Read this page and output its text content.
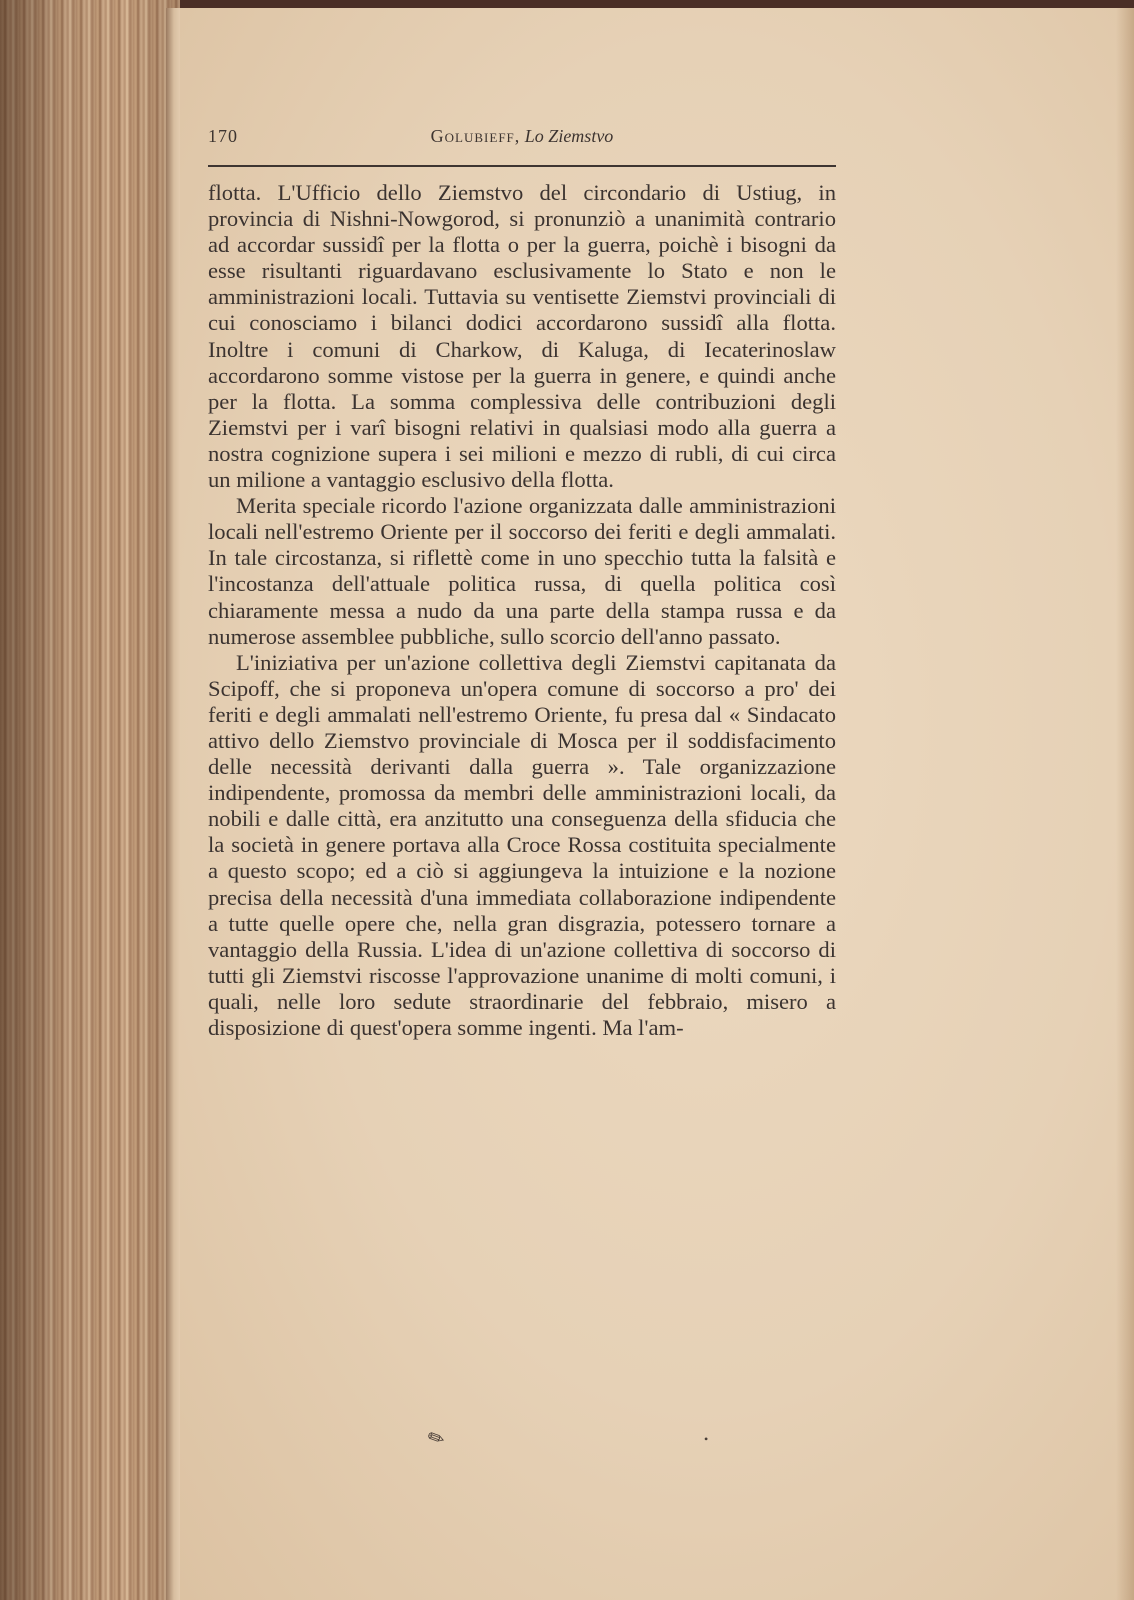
170	Golubieff, Lo Ziemstvo

flotta. L'Ufficio dello Ziemstvo del circondario di Ustiug, in provincia di Nishni-Nowgorod, si pronunziò a unanimità contrario ad accordar sussidî per la flotta o per la guerra, poichè i bisogni da esse risultanti riguardavano esclusivamente lo Stato e non le amministrazioni locali. Tuttavia su ventisette Ziemstvi provinciali di cui conosciamo i bilanci dodici accordarono sussidî alla flotta. Inoltre i comuni di Charkow, di Kaluga, di Iecaterinoslaw accordarono somme vistose per la guerra in genere, e quindi anche per la flotta. La somma complessiva delle contribuzioni degli Ziemstvi per i varî bisogni relativi in qualsiasi modo alla guerra a nostra cognizione supera i sei milioni e mezzo di rubli, di cui circa un milione a vantaggio esclusivo della flotta.

Merita speciale ricordo l'azione organizzata dalle amministrazioni locali nell'estremo Oriente per il soccorso dei feriti e degli ammalati. In tale circostanza, si riflettè come in uno specchio tutta la falsità e l'incostanza dell'attuale politica russa, di quella politica così chiaramente messa a nudo da una parte della stampa russa e da numerose assemblee pubbliche, sullo scorcio dell'anno passato.

L'iniziativa per un'azione collettiva degli Ziemstvi capitanata da Scipoff, che si proponeva un'opera comune di soccorso a pro' dei feriti e degli ammalati nell'estremo Oriente, fu presa dal « Sindacato attivo dello Ziemstvo provinciale di Mosca per il soddisfacimento delle necessità derivanti dalla guerra ». Tale organizzazione indipendente, promossa da membri delle amministrazioni locali, da nobili e dalle città, era anzitutto una conseguenza della sfiducia che la società in genere portava alla Croce Rossa costituita specialmente a questo scopo; ed a ciò si aggiungeva la intuizione e la nozione precisa della necessità d'una immediata collaborazione indipendente a tutte quelle opere che, nella gran disgrazia, potessero tornare a vantaggio della Russia. L'idea di un'azione collettiva di soccorso di tutti gli Ziemstvi riscosse l'approvazione unanime di molti comuni, i quali, nelle loro sedute straordinarie del febbraio, misero a disposizione di quest'opera somme ingenti. Ma l'am-

✎	•
